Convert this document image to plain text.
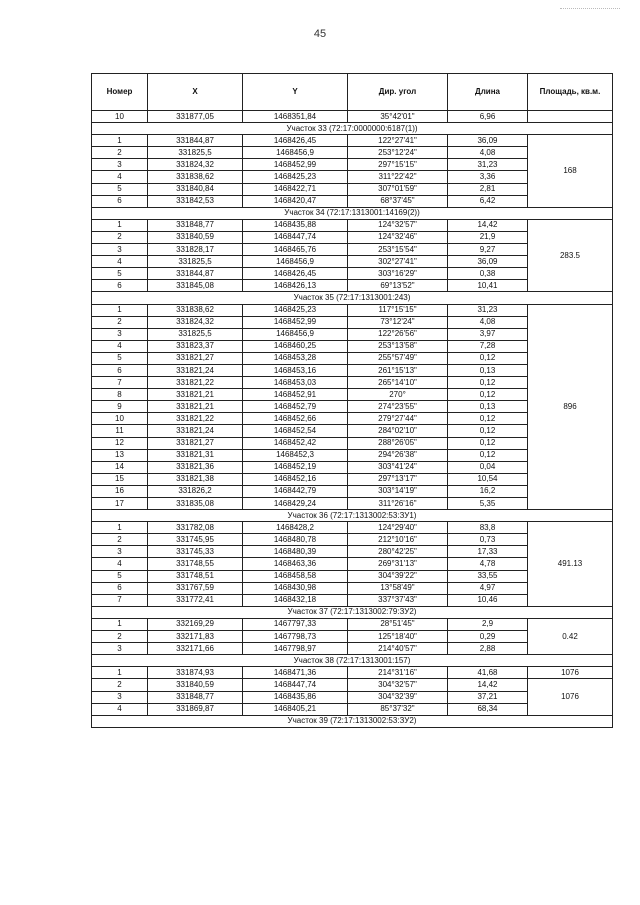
45
Номер	X	Y	Дир. угол	Длина	Площадь, кв.м.
10	331877,05	1468351,84	35°42'01"	6,96	
Участок 33 (72:17:0000000:6187(1))					
1	331844,87	1468426,45	122°27'41"	36,09	168
2	331825,5	1468456,9	253°12'24"	4,08	
3	331824,32	1468452,99	297°15'15"	31,23	
4	331838,62	1468425,23	311°22'42"	3,36	
5	331840,84	1468422,71	307°01'59"	2,81	
6	331842,53	1468420,47	68°37'45"	6,42	
Участок 34 (72:17:1313001:14169(2))					
1	331848,77	1468435,88	124°32'57"	14,42	283.5
2	331840,59	1468447,74	124°32'46"	21,9	
3	331828,17	1468465,76	253°15'54"	9,27	
4	331825,5	1468456,9	302°27'41"	36,09	
5	331844,87	1468426,45	303°16'29"	0,38	
6	331845,08	1468426,13	69°13'52"	10,41	
Участок 35 (72:17:1313001:243)					
1	331838,62	1468425,23	117°15'15"	31,23	896
2	331824,32	1468452,99	73°12'24"	4,08	
3	331825,5	1468456,9	122°26'56"	3,97	
4	331823,37	1468460,25	253°13'58"	7,28	
5	331821,27	1468453,28	255°57'49"	0,12	
6	331821,24	1468453,16	261°15'13"	0,13	
7	331821,22	1468453,03	265°14'10"	0,12	
8	331821,21	1468452,91	270°	0,12	
9	331821,21	1468452,79	274°23'55"	0,13	
10	331821,22	1468452,66	279°27'44"	0,12	
11	331821,24	1468452,54	284°02'10"	0,12	
12	331821,27	1468452,42	288°26'05"	0,12	
13	331821,31	1468452,3	294°26'38"	0,12	
14	331821,36	1468452,19	303°41'24"	0,04	
15	331821,38	1468452,16	297°13'17"	10,54	
16	331826,2	1468442,79	303°14'19"	16,2	
17	331835,08	1468429,24	311°26'16"	5,35	
Участок 36 (72:17:1313002:53:ЗУ1)					
1	331782,08	1468428,2	124°29'40"	83,8	491.13
2	331745,95	1468480,78	212°10'16"	0,73	
3	331745,33	1468480,39	280°42'25"	17,33	
4	331748,55	1468463,36	269°31'13"	4,78	
5	331748,51	1468458,58	304°39'22"	33,55	
6	331767,59	1468430,98	13°58'49"	4,97	
7	331772,41	1468432,18	337°37'43"	10,46	
Участок 37 (72:17:1313002:79:ЗУ2)					
1	332169,29	1467797,33	28°51'45"	2,9	0.42
2	332171,83	1467798,73	125°18'40"	0,29	
3	332171,66	1467798,97	214°40'57"	2,88	
Участок 38 (72:17:1313001:157)					
1	331874,93	1468471,36	214°31'16"	41,68	1076
2	331840,59	1468447,74	304°32'57"	14,42	1076
3	331848,77	1468435,86	304°32'39"	37,21	
4	331869,87	1468405,21	85°37'32"	68,34	
Участок 39 (72:17:1313002:53:ЗУ2)					
